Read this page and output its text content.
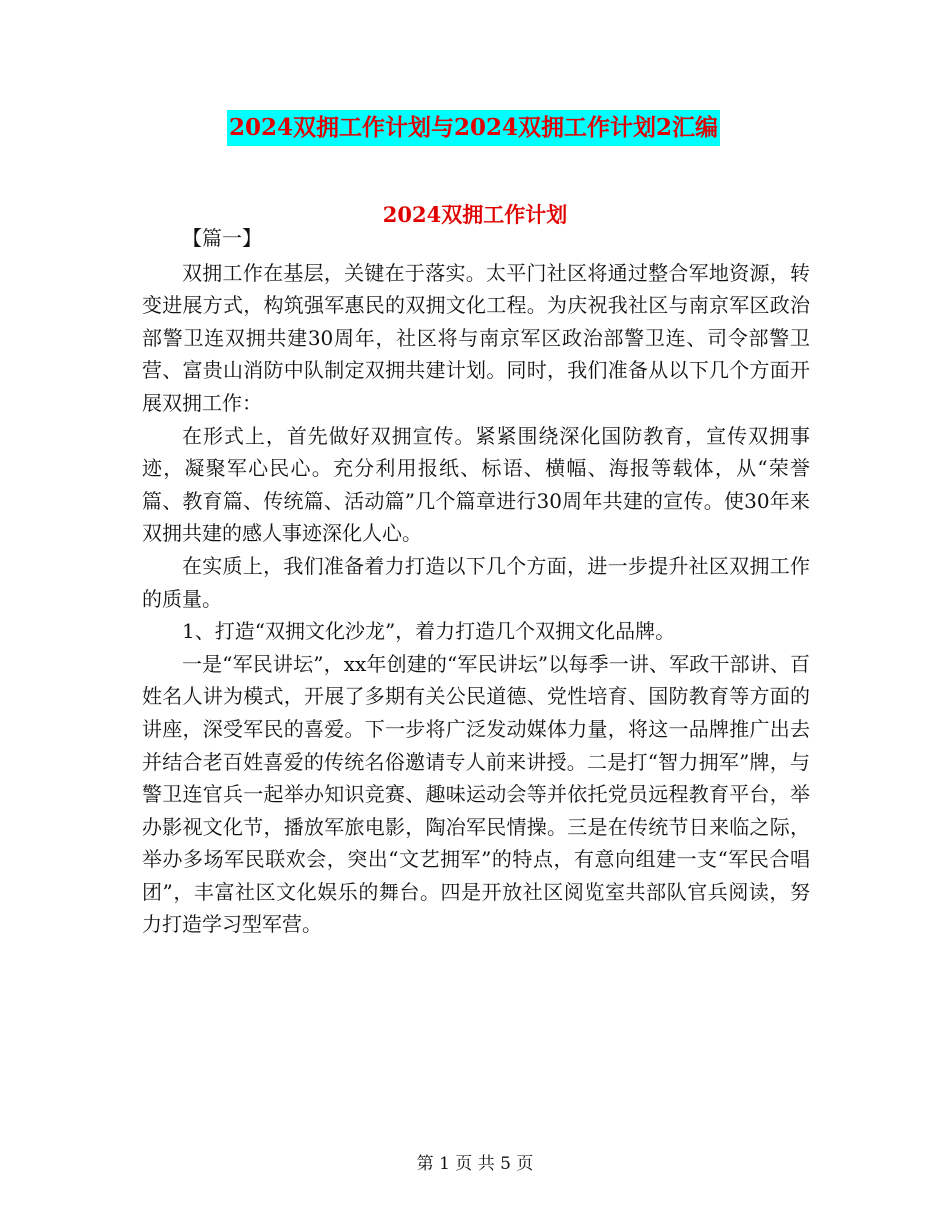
2024双拥工作计划与2024双拥工作计划2汇编
2024双拥工作计划

【篇一】

双拥工作在基层，关键在于落实。太平门社区将通过整合军地资源，转变进展方式，构筑强军惠民的双拥文化工程。为庆祝我社区与南京军区政治部警卫连双拥共建30周年，社区将与南京军区政治部警卫连、司令部警卫营、富贵山消防中队制定双拥共建计划。同时，我们准备从以下几个方面开展双拥工作：

在形式上，首先做好双拥宣传。紧紧围绕深化国防教育，宣传双拥事迹，凝聚军心民心。充分利用报纸、标语、横幅、海报等载体，从“荣誉篇、教育篇、传统篇、活动篇”几个篇章进行30周年共建的宣传。使30年来双拥共建的感人事迹深化人心。

在实质上，我们准备着力打造以下几个方面，进一步提升社区双拥工作的质量。

1、打造“双拥文化沙龙”，着力打造几个双拥文化品牌。

一是“军民讲坛”，xx年创建的“军民讲坛”以每季一讲、军政干部讲、百姓名人讲为模式，开展了多期有关公民道德、党性培育、国防教育等方面的讲座，深受军民的喜爱。下一步将广泛发动媒体力量，将这一品牌推广出去并结合老百姓喜爱的传统名俗邀请专人前来讲授。二是打“智力拥军”牌，与警卫连官兵一起举办知识竞赛、趣味运动会等并依托党员远程教育平台，举办影视文化节，播放军旅电影，陶冶军民情操。三是在传统节日来临之际，举办多场军民联欢会，突出“文艺拥军”的特点，有意向组建一支“军民合唱团”，丰富社区文化娱乐的舞台。四是开放社区阅览室共部队官兵阅读，努力打造学习型军营。

第 1 页 共 5 页
